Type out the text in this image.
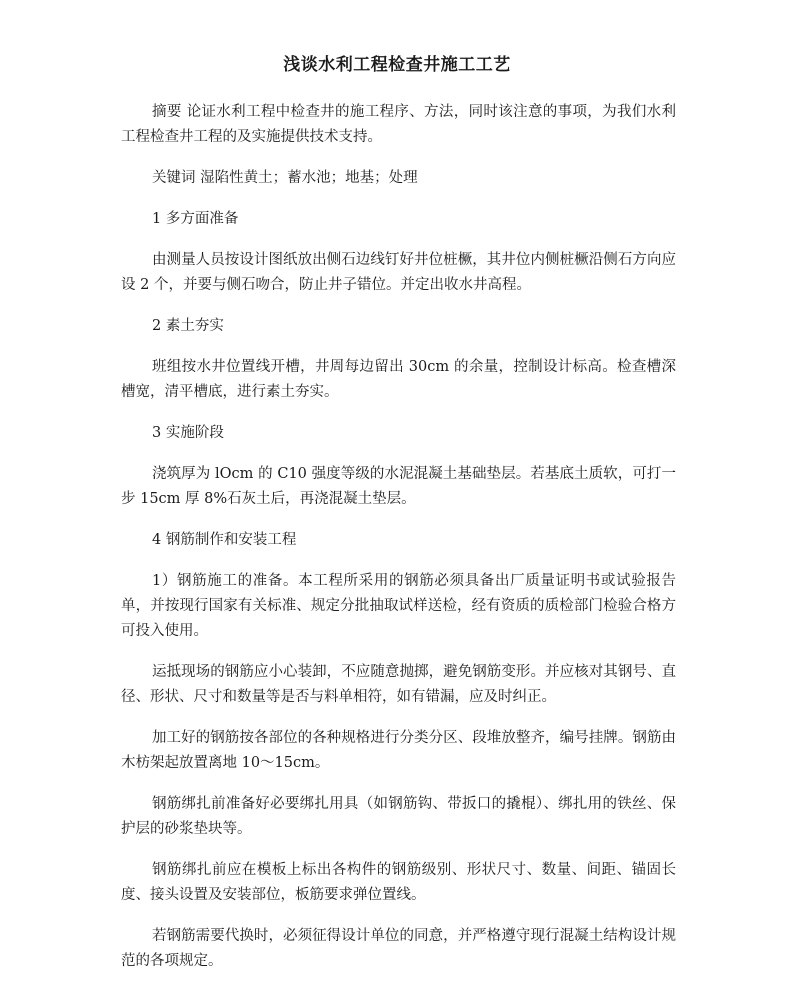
浅谈水利工程检查井施工工艺

摘要 论证水利工程中检查井的施工程序、方法，同时该注意的事项，为我们水利工程检查井工程的及实施提供技术支持。

关键词 湿陷性黄土；蓄水池；地基；处理

1 多方面准备

由测量人员按设计图纸放出侧石边线钉好井位桩橛，其井位内侧桩橛沿侧石方向应设 2 个，并要与侧石吻合，防止井子错位。并定出收水井高程。

2 素土夯实

班组按水井位置线开槽，井周每边留出 30cm 的余量，控制设计标高。检查槽深槽宽，清平槽底，进行素土夯实。

3 实施阶段

浇筑厚为 lOcm 的 C10 强度等级的水泥混凝土基础垫层。若基底土质软，可打一步 15cm 厚 8%石灰土后，再浇混凝土垫层。

4 钢筋制作和安装工程

1）钢筋施工的准备。本工程所采用的钢筋必须具备出厂质量证明书或试验报告单，并按现行国家有关标准、规定分批抽取试样送检，经有资质的质检部门检验合格方可投入使用。

运抵现场的钢筋应小心装卸，不应随意抛掷，避免钢筋变形。并应核对其钢号、直径、形状、尺寸和数量等是否与料单相符，如有错漏，应及时纠正。

加工好的钢筋按各部位的各种规格进行分类分区、段堆放整齐，编号挂牌。钢筋由木枋架起放置离地 10～15cm。

钢筋绑扎前准备好必要绑扎用具（如钢筋钩、带扳口的撬棍）、绑扎用的铁丝、保护层的砂浆垫块等。

钢筋绑扎前应在模板上标出各构件的钢筋级别、形状尺寸、数量、间距、锚固长度、接头设置及安装部位，板筋要求弹位置线。

若钢筋需要代换时，必须征得设计单位的同意，并严格遵守现行混凝土结构设计规范的各项规定。
